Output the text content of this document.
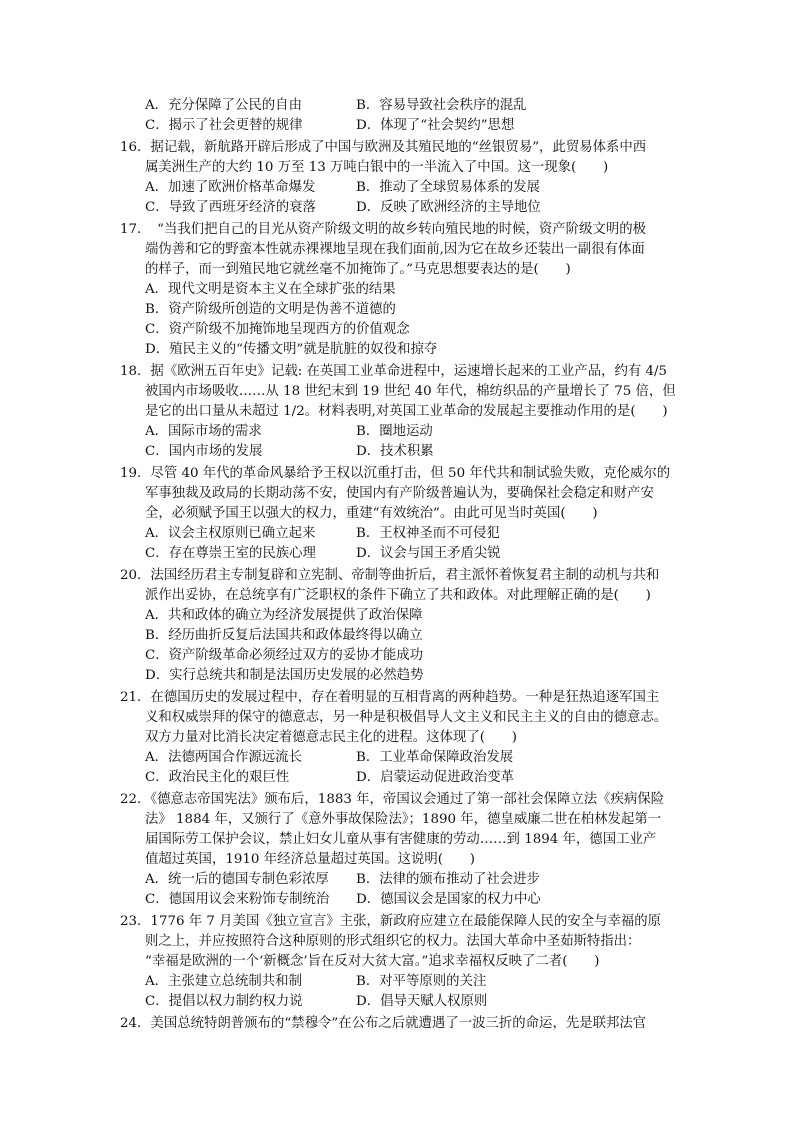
A．充分保障了公民的自由	B．容易导致社会秩序的混乱
C．揭示了社会更替的规律	D．体现了“社会契约”思想
16．据记载，新航路开辟后形成了中国与欧洲及其殖民地的“丝银贸易”，此贸易体系中西
属美洲生产的大约 10 万至 13 万吨白银中的一半流入了中国。这一现象(　　)
A．加速了欧洲价格革命爆发	B．推动了全球贸易体系的发展
C．导致了西班牙经济的衰落	D．反映了欧洲经济的主导地位
17．　“当我们把自己的目光从资产阶级文明的故乡转向殖民地的时候，资产阶级文明的极
端伪善和它的野蛮本性就赤裸裸地呈现在我们面前,因为它在故乡还装出一副很有体面
的样子，而一到殖民地它就丝毫不加掩饰了。”马克思想要表达的是(　　)
A．现代文明是资本主义在全球扩张的结果
B．资产阶级所创造的文明是伪善不道德的
C．资产阶级不加掩饰地呈现西方的价值观念
D．殖民主义的“传播文明”就是肮脏的奴役和掠夺
18．据《欧洲五百年史》记载: 在英国工业革命进程中，运速增长起来的工业产品，约有 4/5
被国内市场吸收……从 18 世纪末到 19 世纪 40 年代，棉纺织品的产量增长了 75 倍，但
是它的出口量从未超过 1/2。材料表明,对英国工业革命的发展起主要推动作用的是(　　)
A．国际市场的需求	B．圈地运动
C．国内市场的发展	D．技术积累
19．尽管 40 年代的革命风暴给予王权以沉重打击，但 50 年代共和制试验失败，克伦威尔的
军事独裁及政局的长期动荡不安，使国内有产阶级普遍认为，要确保社会稳定和财产安
全，必须赋予国王以强大的权力，重建“有效统治”。由此可见当时英国(　　)
A．议会主权原则已确立起来	B．王权神圣而不可侵犯
C．存在尊崇王室的民族心理	D．议会与国王矛盾尖锐
20．法国经历君主专制复辟和立宪制、帝制等曲折后，君主派怀着恢复君主制的动机与共和
派作出妥协，在总统享有广泛职权的条件下确立了共和政体。对此理解正确的是(　　)
A．共和政体的确立为经济发展提供了政治保障
B．经历曲折反复后法国共和政体最终得以确立
C．资产阶级革命必须经过双方的妥协才能成功
D．实行总统共和制是法国历史发展的必然趋势
21．在德国历史的发展过程中，存在着明显的互相背离的两种趋势。一种是狂热追逐军国主
义和权威崇拜的保守的德意志，另一种是积极倡导人文主义和民主主义的自由的德意志。
双方力量对比消长决定着德意志民主化的进程。这体现了(　　)
A．法德两国合作源远流长	B．工业革命保障政治发展
C．政治民主化的艰巨性	D．启蒙运动促进政治变革
22．《德意志帝国宪法》颁布后，1883 年，帝国议会通过了第一部社会保障立法《疾病保险
法》 1884 年，又颁行了《意外事故保险法》；1890 年，德皇威廉二世在柏林发起第一
届国际劳工保护会议，禁止妇女儿童从事有害健康的劳动……到 1894 年，德国工业产
值超过英国，1910 年经济总量超过英国。这说明(　　)
A．统一后的德国专制色彩浓厚 B．法律的颁布推动了社会进步
C．德国用议会来粉饰专制统治 D．德国议会是国家的权力中心
23．1776 年 7 月美国《独立宣言》主张，新政府应建立在最能保障人民的安全与幸福的原
则之上，并应按照符合这种原则的形式组织它的权力。法国大革命中圣茹斯特指出：
“幸福是欧洲的一个‘新概念’旨在反对大贫大富。”追求幸福权反映了二者(　　)
A．主张建立总统制共和制	B．对平等原则的关注
C．提倡以权力制约权力说	D．倡导天赋人权原则
24．美国总统特朗普颁布的“禁穆令”在公布之后就遭遇了一波三折的命运，先是联邦法官
